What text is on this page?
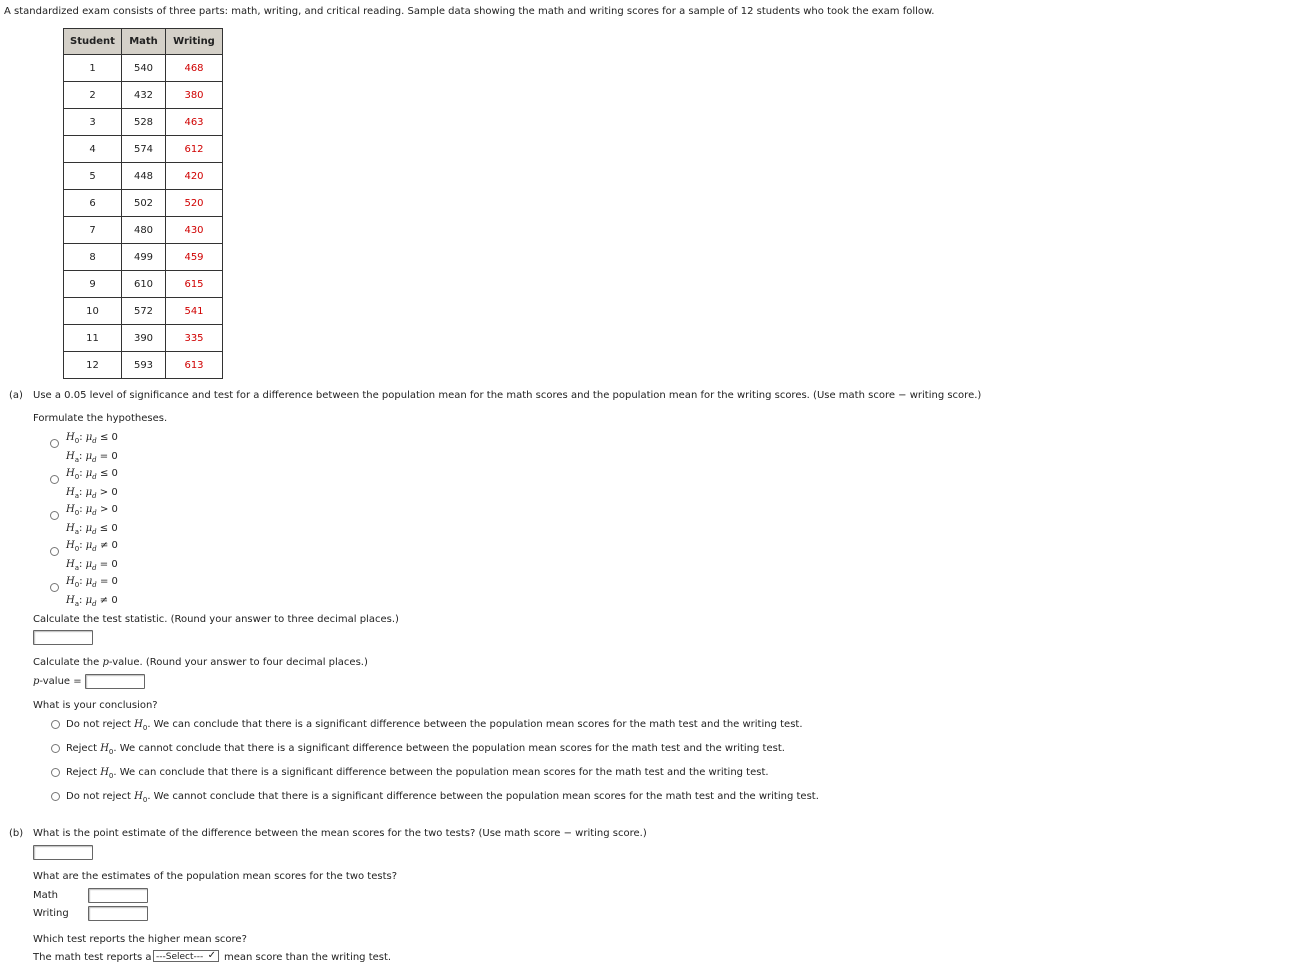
A standardized exam consists of three parts: math, writing, and critical reading. Sample data showing the math and writing scores for a sample of 12 students who took the exam follow.
Student	Math	Writing
1	540	468
2	432	380
3	528	463
4	574	612
5	448	420
6	502	520
7	480	430
8	499	459
9	610	615
10	572	541
11	390	335
12	593	613
(a) Use a 0.05 level of significance and test for a difference between the population mean for the math scores and the population mean for the writing scores. (Use math score − writing score.)
Formulate the hypotheses.
$H_0$: $\mu_d \le 0$
$H_a$: $\mu_d = 0$
$H_0$: $\mu_d \le 0$
$H_a$: $\mu_d > 0$
$H_0$: $\mu_d > 0$
$H_a$: $\mu_d \le 0$
$H_0$: $\mu_d \ne 0$
$H_a$: $\mu_d = 0$
$H_0$: $\mu_d = 0$
$H_a$: $\mu_d \ne 0$
Calculate the test statistic. (Round your answer to three decimal places.)
Calculate the p-value. (Round your answer to four decimal places.)
p-value =
What is your conclusion?
Do not reject $H_0$. We can conclude that there is a significant difference between the population mean scores for the math test and the writing test.
Reject $H_0$. We cannot conclude that there is a significant difference between the population mean scores for the math test and the writing test.
Reject $H_0$. We can conclude that there is a significant difference between the population mean scores for the math test and the writing test.
Do not reject $H_0$. We cannot conclude that there is a significant difference between the population mean scores for the math test and the writing test.
(b) What is the point estimate of the difference between the mean scores for the two tests? (Use math score − writing score.)
What are the estimates of the population mean scores for the two tests?
Math
Writing
Which test reports the higher mean score?
The math test reports a ---Select--- ✓ mean score than the writing test.
